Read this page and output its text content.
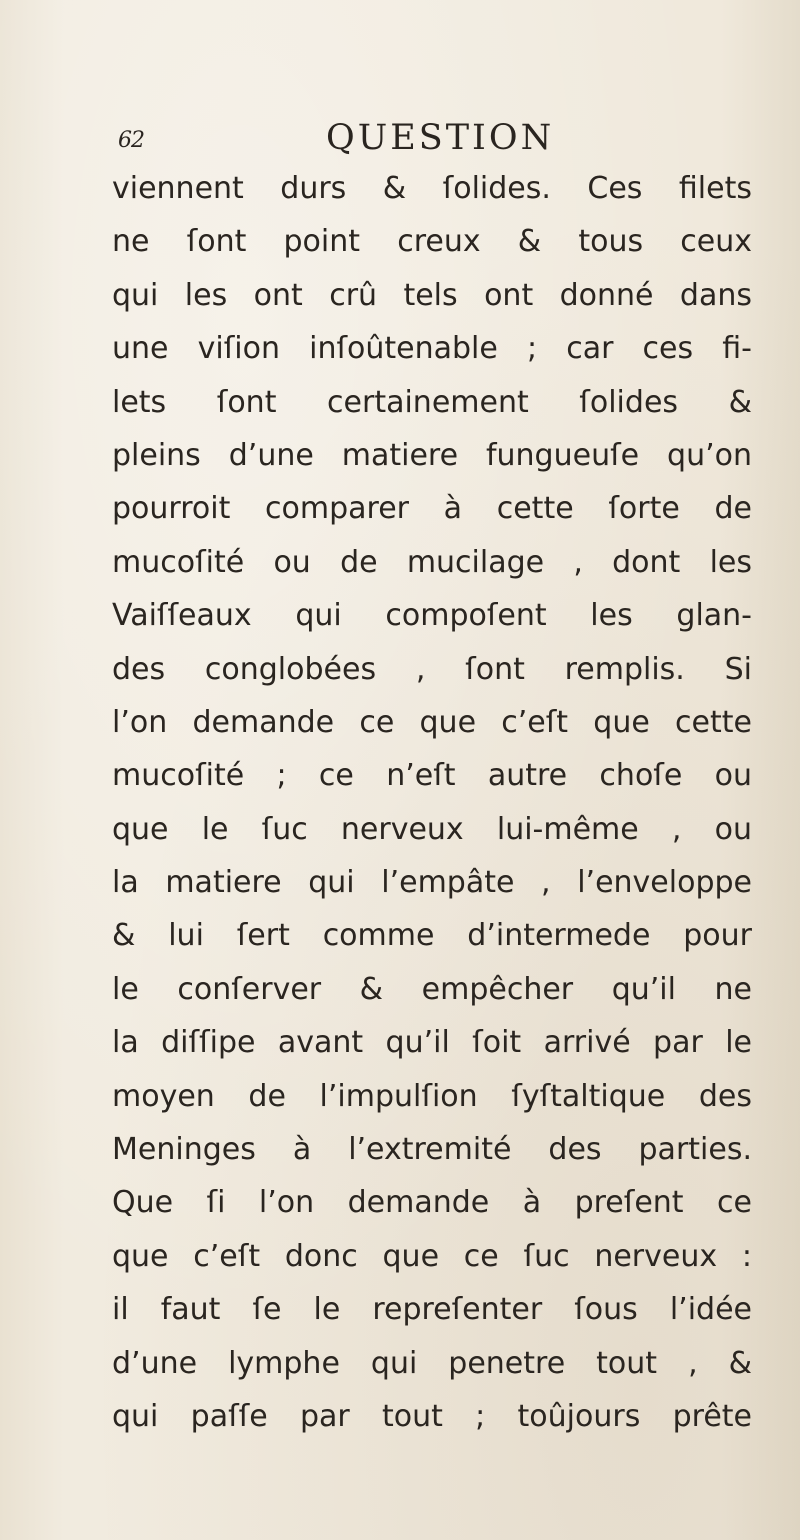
62	QUESTION
viennent durs & ſolides. Ces filets
ne ſont point creux & tous ceux
qui les ont crû tels ont donné dans
une viſion inſoûtenable ; car ces fi-
lets ſont certainement ſolides &
pleins d’une matiere fungueuſe qu’on
pourroit comparer à cette ſorte de
mucoſité ou de mucilage , dont les
Vaiſſeaux qui compoſent les glan-
des conglobées , ſont remplis. Si
l’on demande ce que c’eſt que cette
mucoſité ; ce n’eſt autre choſe ou
que le ſuc nerveux lui-même , ou
la matiere qui l’empâte , l’enveloppe
& lui ſert comme d’intermede pour
le conſerver & empêcher qu’il ne
la diſſipe avant qu’il ſoit arrivé par le
moyen de l’impulſion ſyſtaltique des
Meninges à l’extremité des parties.
Que ſi l’on demande à preſent ce
que c’eſt donc que ce ſuc nerveux :
il faut ſe le repreſenter ſous l’idée
d’une lymphe qui penetre tout , &
qui paſſe par tout ; toûjours prête
